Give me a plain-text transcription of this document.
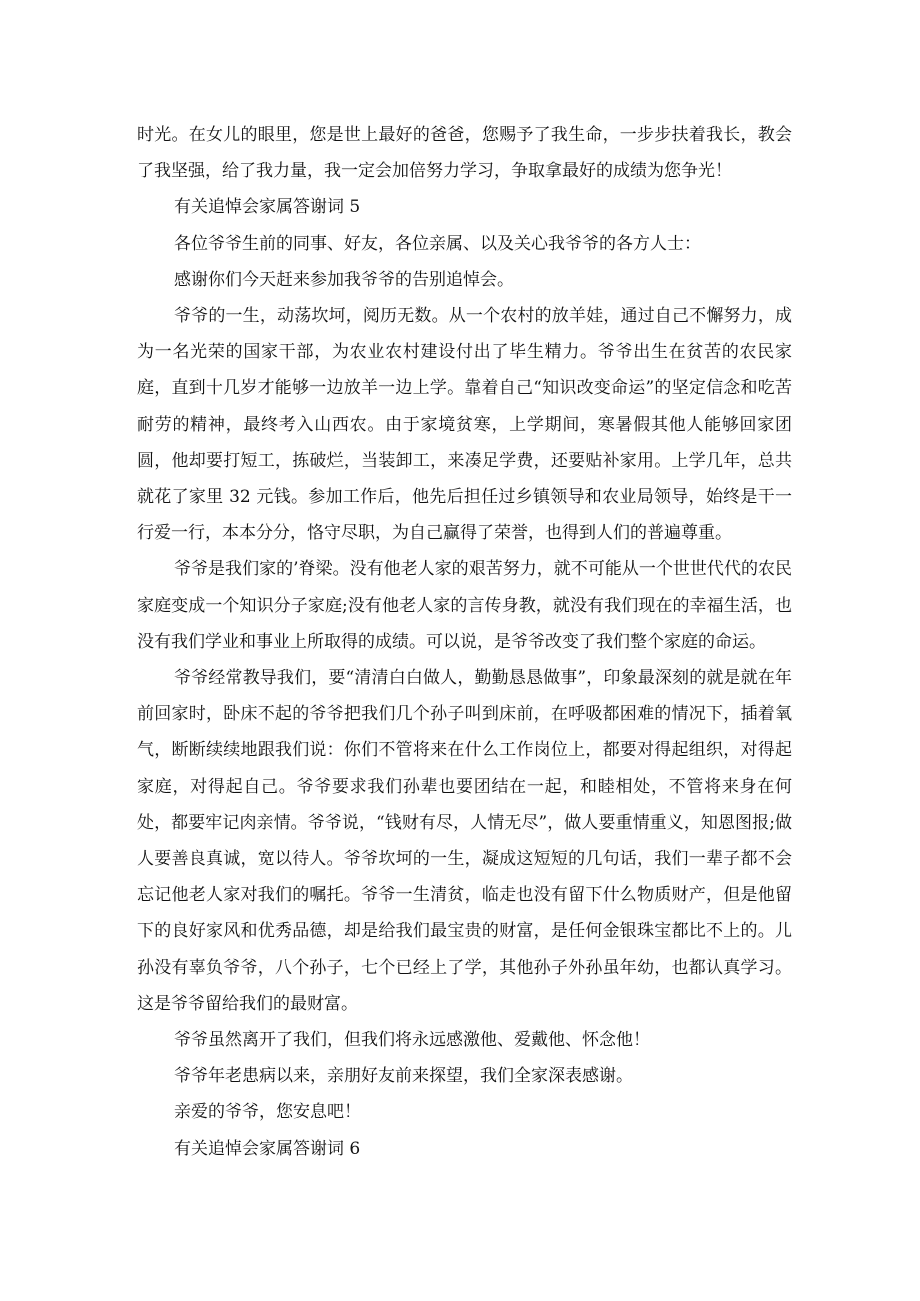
时光。在女儿的眼里，您是世上最好的爸爸，您赐予了我生命，一步步扶着我长，教会了我坚强，给了我力量，我一定会加倍努力学习，争取拿最好的成绩为您争光！

有关追悼会家属答谢词 5

各位爷爷生前的同事、好友，各位亲属、以及关心我爷爷的各方人士：

感谢你们今天赶来参加我爷爷的告别追悼会。

爷爷的一生，动荡坎坷，阅历无数。从一个农村的放羊娃，通过自己不懈努力，成为一名光荣的国家干部，为农业农村建设付出了毕生精力。爷爷出生在贫苦的农民家庭，直到十几岁才能够一边放羊一边上学。靠着自己“知识改变命运”的坚定信念和吃苦耐劳的精神，最终考入山西农。由于家境贫寒，上学期间，寒暑假其他人能够回家团圆，他却要打短工，拣破烂，当装卸工，来凑足学费，还要贴补家用。上学几年，总共就花了家里 32 元钱。参加工作后，他先后担任过乡镇领导和农业局领导，始终是干一行爱一行，本本分分，恪守尽职，为自己赢得了荣誉，也得到人们的普遍尊重。

爷爷是我们家的’脊梁。没有他老人家的艰苦努力，就不可能从一个世世代代的农民家庭变成一个知识分子家庭;没有他老人家的言传身教，就没有我们现在的幸福生活，也没有我们学业和事业上所取得的成绩。可以说，是爷爷改变了我们整个家庭的命运。

爷爷经常教导我们，要“清清白白做人，勤勤恳恳做事”，印象最深刻的就是就在年前回家时，卧床不起的爷爷把我们几个孙子叫到床前，在呼吸都困难的情况下，插着氧气，断断续续地跟我们说：你们不管将来在什么工作岗位上，都要对得起组织，对得起家庭，对得起自己。爷爷要求我们孙辈也要团结在一起，和睦相处，不管将来身在何处，都要牢记肉亲情。爷爷说，“钱财有尽，人情无尽”，做人要重情重义，知恩图报;做人要善良真诚，宽以待人。爷爷坎坷的一生，凝成这短短的几句话，我们一辈子都不会忘记他老人家对我们的嘱托。爷爷一生清贫，临走也没有留下什么物质财产，但是他留下的良好家风和优秀品德，却是给我们最宝贵的财富，是任何金银珠宝都比不上的。儿孙没有辜负爷爷，八个孙子，七个已经上了学，其他孙子外孙虽年幼，也都认真学习。这是爷爷留给我们的最财富。

爷爷虽然离开了我们，但我们将永远感激他、爱戴他、怀念他！

爷爷年老患病以来，亲朋好友前来探望，我们全家深表感谢。

亲爱的爷爷，您安息吧！

有关追悼会家属答谢词 6
